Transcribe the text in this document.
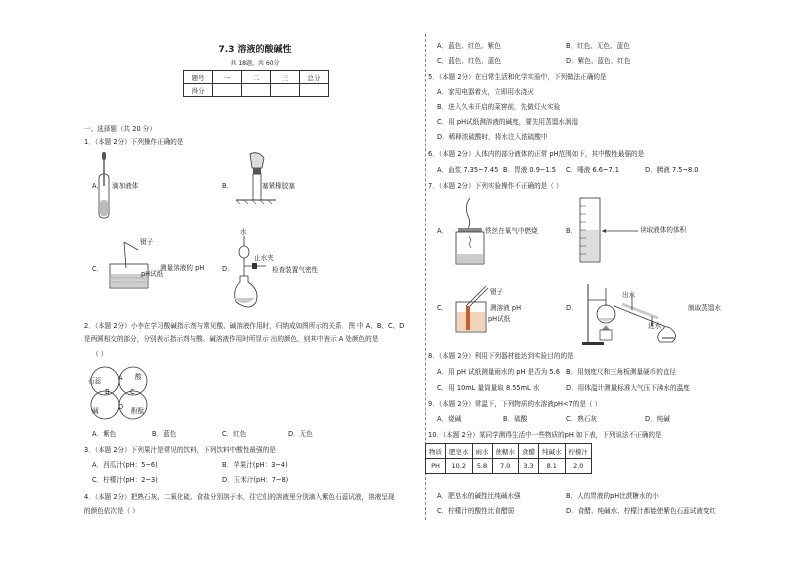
7.3 溶液的酸碱性
共 18题，共 60分
题号	一	二	三	总分
得分				
一、选择题（共 20 分）
1．（本题 2分）下列操作正确的是
A． 滴加液体	B．	塞紧橡胶塞
C．
镊子
pH试纸
测量溶液的 pH	D．
水
止水夹
检查装置气密性
2．（本题 2分）小李在学习酸碱指示剂与常见酸、碱溶液作用时，归纳成如图所示的关系．图 中 A、B、C、D
是两圆相交的部分，分别表示指示剂与酸、碱溶液作用时所显示 出的颜色，则其中表示 A 处颜色的是
（ ）
石蕊	酸
碱	酚酞
A
B	C
D
A．紫色	B．蓝色	C．红色	D．无色
3．（本题 2分）下列果汁是常见的饮料，下列饮料中酸性最强的是
A．西瓜汁(pH：5~6)	B．苹果汁(pH：3~4)
C．柠檬汁(pH：2~3)	D．玉米汁(pH：7~8)
4．（本题 2分）把熟石灰、二氧化硫、食盐分别溶于水，往它们的溶液里分别滴入紫色石蕊试液，溶液呈现
的颜色依次是（ ）
A．蓝色、红色、紫色	B．红色、无色、蓝色
C．蓝色、红色、蓝色	D．紫色、蓝色、红色
5．（本题 2分）在日常生活和化学实验中，下列做法正确的是
A．家用电器着火，立即用水浇灭
B．进入久未开启的菜窖前，先做灯火实验
C．用 pH试纸测溶液的碱度，要先用蒸馏水润湿
D．稀释浓硫酸时，将水注入浓硫酸中
6．（本题 2分）人体内的部分液体的正常 pH范围如下，其中酸性最强的是
A．血浆 7.35~7.45 B．胃液 0.9~1.5 C．唾液 6.6~7.1	D．胰液 7.5~8.0
7．（本题 2分）下列实验操作不正确的是（ ）
A．	铁丝在氧气中燃烧	B．	读取液体的体积
C．
镊子
测溶液 pH
pH试纸
D．
出水
进水
制取蒸馏水
8．（本题 2分）利用下列器材能达到实验目的的是
A．用 pH 试纸测量雨水的 pH 是否为 5.6 B．用刻度尺和三角板测量硬币的直径
C．用 10mL 量筒量取 8.55mL 水	D．用体温计测量标准大气压下沸水的温度
9．（本题 2分）常温下，下列物质的水溶液pH<7的是（ ）
A．烧碱	B．硫酸	C．熟石灰	D．纯碱
10．（本题 2分）某同学测得生活中一些物质的pH 如下表，下列说法不正确的是
物质	肥皂水	雨水	蔗糖水	食醋	纯碱水	柠檬汁
PH	10.2	5.8	7.0	3.3	8.1	2.0
A．肥皂水的碱性比纯碱水强	B．人的胃液的pH比蔗糖水的小
C．柠檬汁的酸性比食醋弱	D．食醋、纯碱水、柠檬汁都能使紫色石蕊试液变红
